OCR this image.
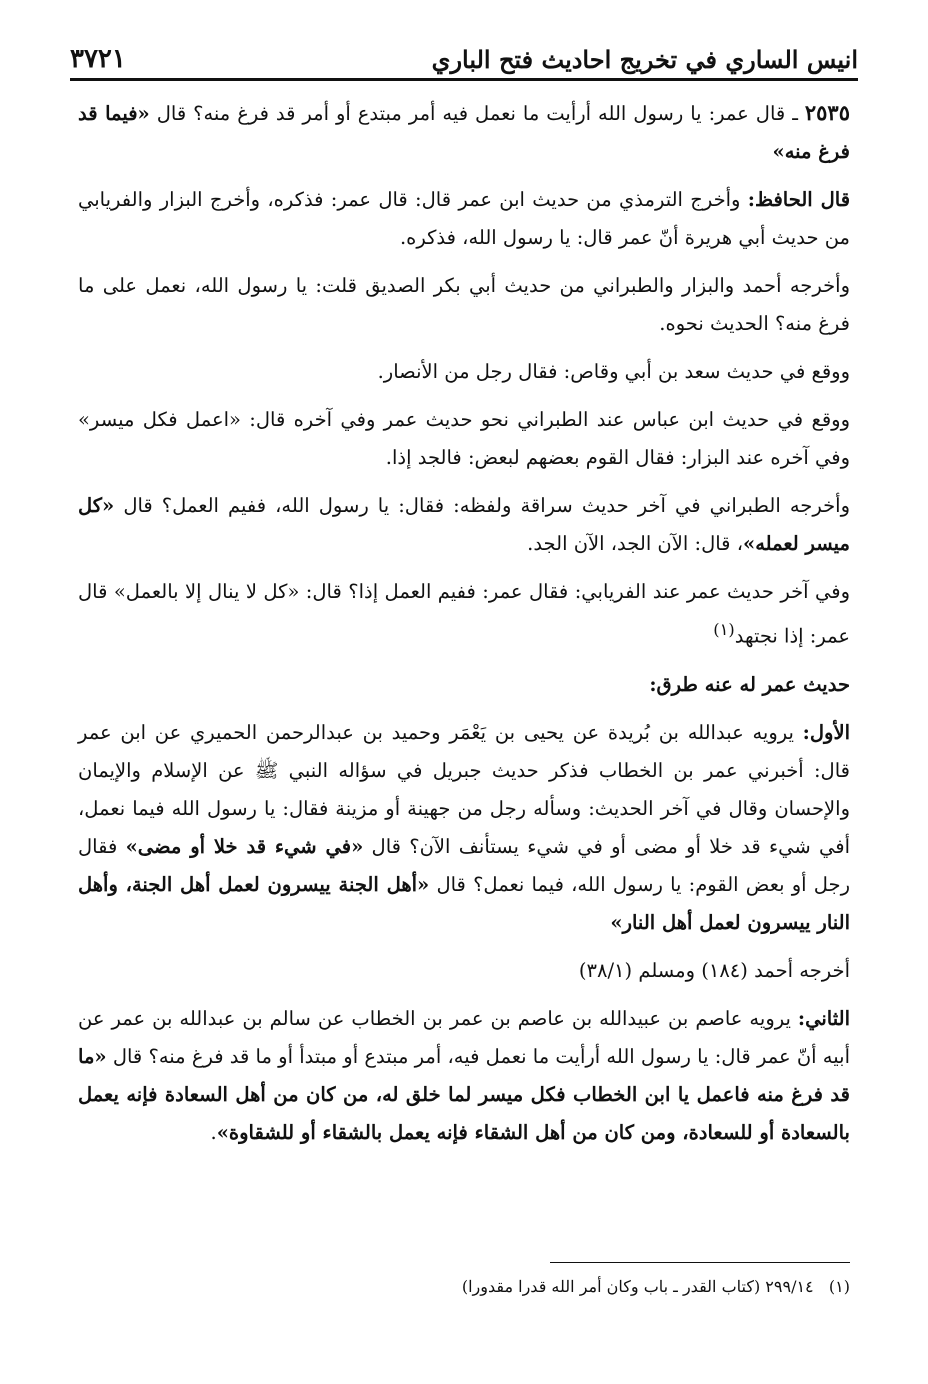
انيس الساري في تخريج احاديث فتح الباري
٣٧٢١

٢٥٣٥ ـ قال عمر: يا رسول الله أرأيت ما نعمل فيه أمر مبتدع أو أمر قد فرغ منه؟ قال «فيما قد فرغ منه»

قال الحافظ: وأخرج الترمذي من حديث ابن عمر قال: قال عمر: فذكره، وأخرج البزار والفريابي من حديث أبي هريرة أنّ عمر قال: يا رسول الله، فذكره.

وأخرجه أحمد والبزار والطبراني من حديث أبي بكر الصديق قلت: يا رسول الله، نعمل على ما فرغ منه؟ الحديث نحوه.

ووقع في حديث سعد بن أبي وقاص: فقال رجل من الأنصار.

ووقع في حديث ابن عباس عند الطبراني نحو حديث عمر وفي آخره قال: «اعمل فكل ميسر» وفي آخره عند البزار: فقال القوم بعضهم لبعض: فالجد إذا.

وأخرجه الطبراني في آخر حديث سراقة ولفظه: فقال: يا رسول الله، ففيم العمل؟ قال «كل ميسر لعمله»، قال: الآن الجد، الآن الجد.

وفي آخر حديث عمر عند الفريابي: فقال عمر: ففيم العمل إذا؟ قال: «كل لا ينال إلا بالعمل» قال عمر: إذا نجتهد$^{(١)}$

حديث عمر له عنه طرق:

الأول: يرويه عبدالله بن بُريدة عن يحيى بن يَعْمَر وحميد بن عبدالرحمن الحميري عن ابن عمر قال: أخبرني عمر بن الخطاب فذكر حديث جبريل في سؤاله النبي ﷺ عن الإسلام والإيمان والإحسان وقال في آخر الحديث: وسأله رجل من جهينة أو مزينة فقال: يا رسول الله فيما نعمل، أفي شيء قد خلا أو مضى أو في شيء يستأنف الآن؟ قال «في شيء قد خلا أو مضى» فقال رجل أو بعض القوم: يا رسول الله، فيما نعمل؟ قال «أهل الجنة ييسرون لعمل أهل الجنة، وأهل النار ييسرون لعمل أهل النار»

أخرجه أحمد (١٨٤) ومسلم (٣٨/١)

الثاني: يرويه عاصم بن عبيدالله بن عاصم بن عمر بن الخطاب عن سالم بن عبدالله بن عمر عن أبيه أنّ عمر قال: يا رسول الله أرأيت ما نعمل فيه، أمر مبتدع أو مبتدأ أو ما قد فرغ منه؟ قال «ما قد فرغ منه فاعمل يا ابن الخطاب فكل ميسر لما خلق له، من كان من أهل السعادة فإنه يعمل بالسعادة أو للسعادة، ومن كان من أهل الشقاء فإنه يعمل بالشقاء أو للشقاوة».

(١)   ٢٩٩/١٤ (كتاب القدر ـ باب وكان أمر الله قدرا مقدورا)
